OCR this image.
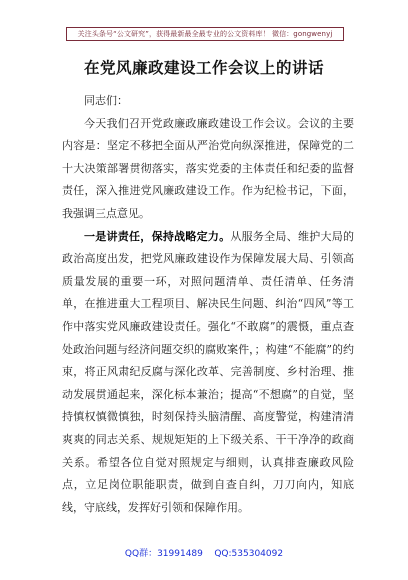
关注头条号“公文研究”，获得最新最全最专业的公文资料库！ 微信：gongwenyj
在党风廉政建设工作会议上的讲话

同志们：

今天我们召开党政廉政廉政建设工作会议。会议的主要内容是：坚定不移把全面从严治党向纵深推进，保障党的二十大决策部署贯彻落实，落实党委的主体责任和纪委的监督责任，深入推进党风廉政建设工作。作为纪检书记，下面，我强调三点意见。

一是讲责任，保持战略定力。从服务全局、维护大局的政治高度出发，把党风廉政建设作为保障发展大局、引领高质量发展的重要一环，对照问题清单、责任清单、任务清单，在推进重大工程项目、解决民生问题、纠治“四风”等工作中落实党风廉政建设责任。强化“不敢腐”的震慑，重点查处政治问题与经济问题交织的腐败案件，；构建“不能腐”的约束，将正风肃纪反腐与深化改革、完善制度、乡村治理、推动发展贯通起来，深化标本兼治；提高“不想腐”的自觉，坚持慎权慎微慎独，时刻保持头脑清醒、高度警觉，构建清清爽爽的同志关系、规规矩矩的上下级关系、干干净净的政商关系。希望各位自觉对照规定与细则，认真排查廉政风险点，立足岗位职能职责，做到自查自纠，刀刀向内，知底线，守底线，发挥好引领和保障作用。

QQ群：31991489 QQ:535304092
